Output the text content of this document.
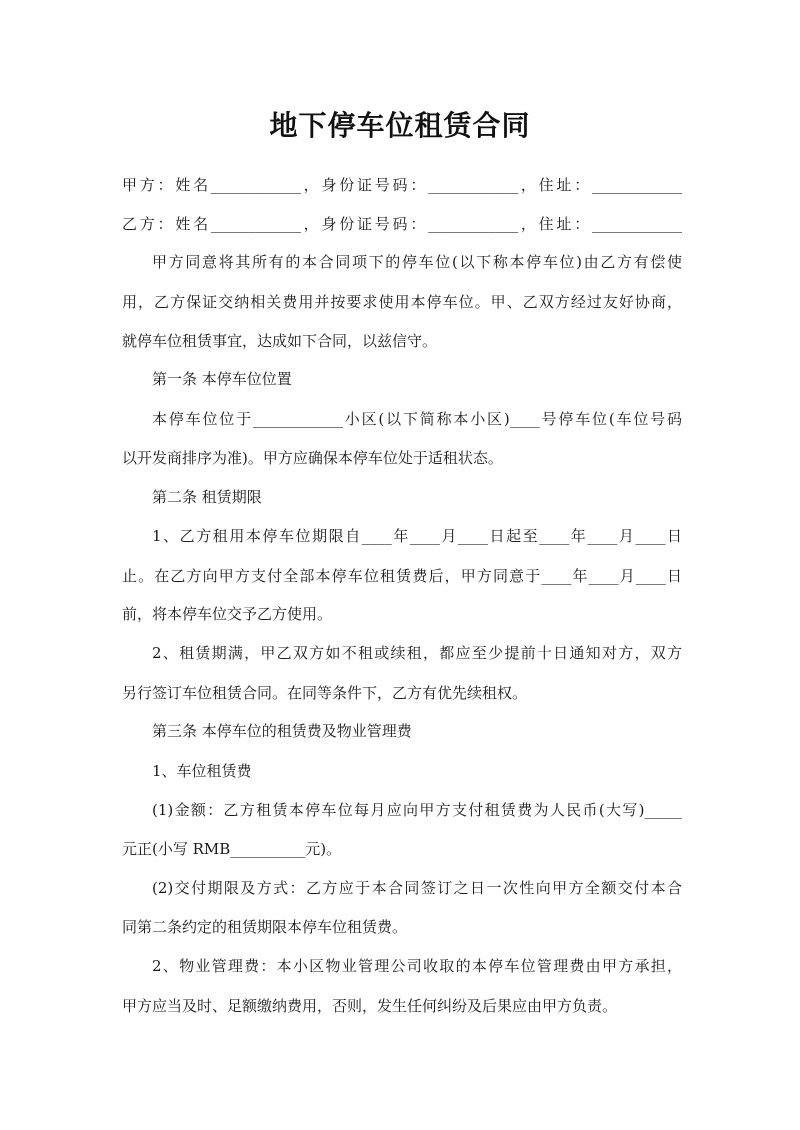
地下停车位租赁合同
甲方：姓名____________，身份证号码：____________，住址：____________
乙方：姓名____________，身份证号码：____________，住址：____________
甲方同意将其所有的本合同项下的停车位(以下称本停车位)由乙方有偿使
用，乙方保证交纳相关费用并按要求使用本停车位。甲、乙双方经过友好协商，
就停车位租赁事宜，达成如下合同，以兹信守。
第一条 本停车位位置
本停车位位于____________小区(以下简称本小区)____号停车位(车位号码
以开发商排序为准)。甲方应确保本停车位处于适租状态。
第二条 租赁期限
1、乙方租用本停车位期限自____年____月____日起至____年____月____日
止。在乙方向甲方支付全部本停车位租赁费后，甲方同意于____年____月____日
前，将本停车位交予乙方使用。
2、租赁期满，甲乙双方如不租或续租，都应至少提前十日通知对方，双方
另行签订车位租赁合同。在同等条件下，乙方有优先续租权。
第三条 本停车位的租赁费及物业管理费
1、车位租赁费
(1)金额：乙方租赁本停车位每月应向甲方支付租赁费为人民币(大写)_____
元正(小写 RMB__________元)。
(2)交付期限及方式：乙方应于本合同签订之日一次性向甲方全额交付本合
同第二条约定的租赁期限本停车位租赁费。
2、物业管理费：本小区物业管理公司收取的本停车位管理费由甲方承担，
甲方应当及时、足额缴纳费用，否则，发生任何纠纷及后果应由甲方负责。
